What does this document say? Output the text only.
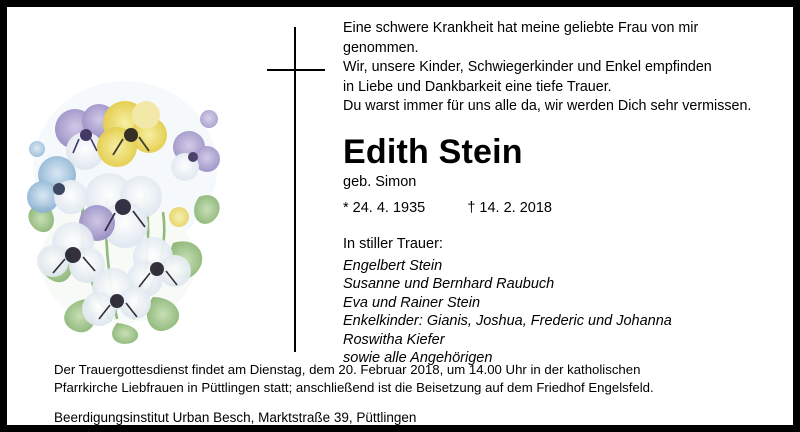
Eine schwere Krankheit hat meine geliebte Frau von mir
genommen.
Wir, unsere Kinder, Schwiegerkinder und Enkel empfinden
in Liebe und Dankbarkeit eine tiefe Trauer.
Du warst immer für uns alle da, wir werden Dich sehr vermissen.
Edith Stein
geb. Simon
* 24. 4. 1935	† 14. 2. 2018
In stiller Trauer:
Engelbert Stein
Susanne und Bernhard Raubuch
Eva und Rainer Stein
Enkelkinder: Gianis, Joshua, Frederic und Johanna
Roswitha Kiefer
sowie alle Angehörigen
Der Trauergottesdienst findet am Dienstag, dem 20. Februar 2018, um 14.00 Uhr in der katholischen
Pfarrkirche Liebfrauen in Püttlingen statt; anschließend ist die Beisetzung auf dem Friedhof Engelsfeld.
Beerdigungsinstitut Urban Besch, Marktstraße 39, Püttlingen
